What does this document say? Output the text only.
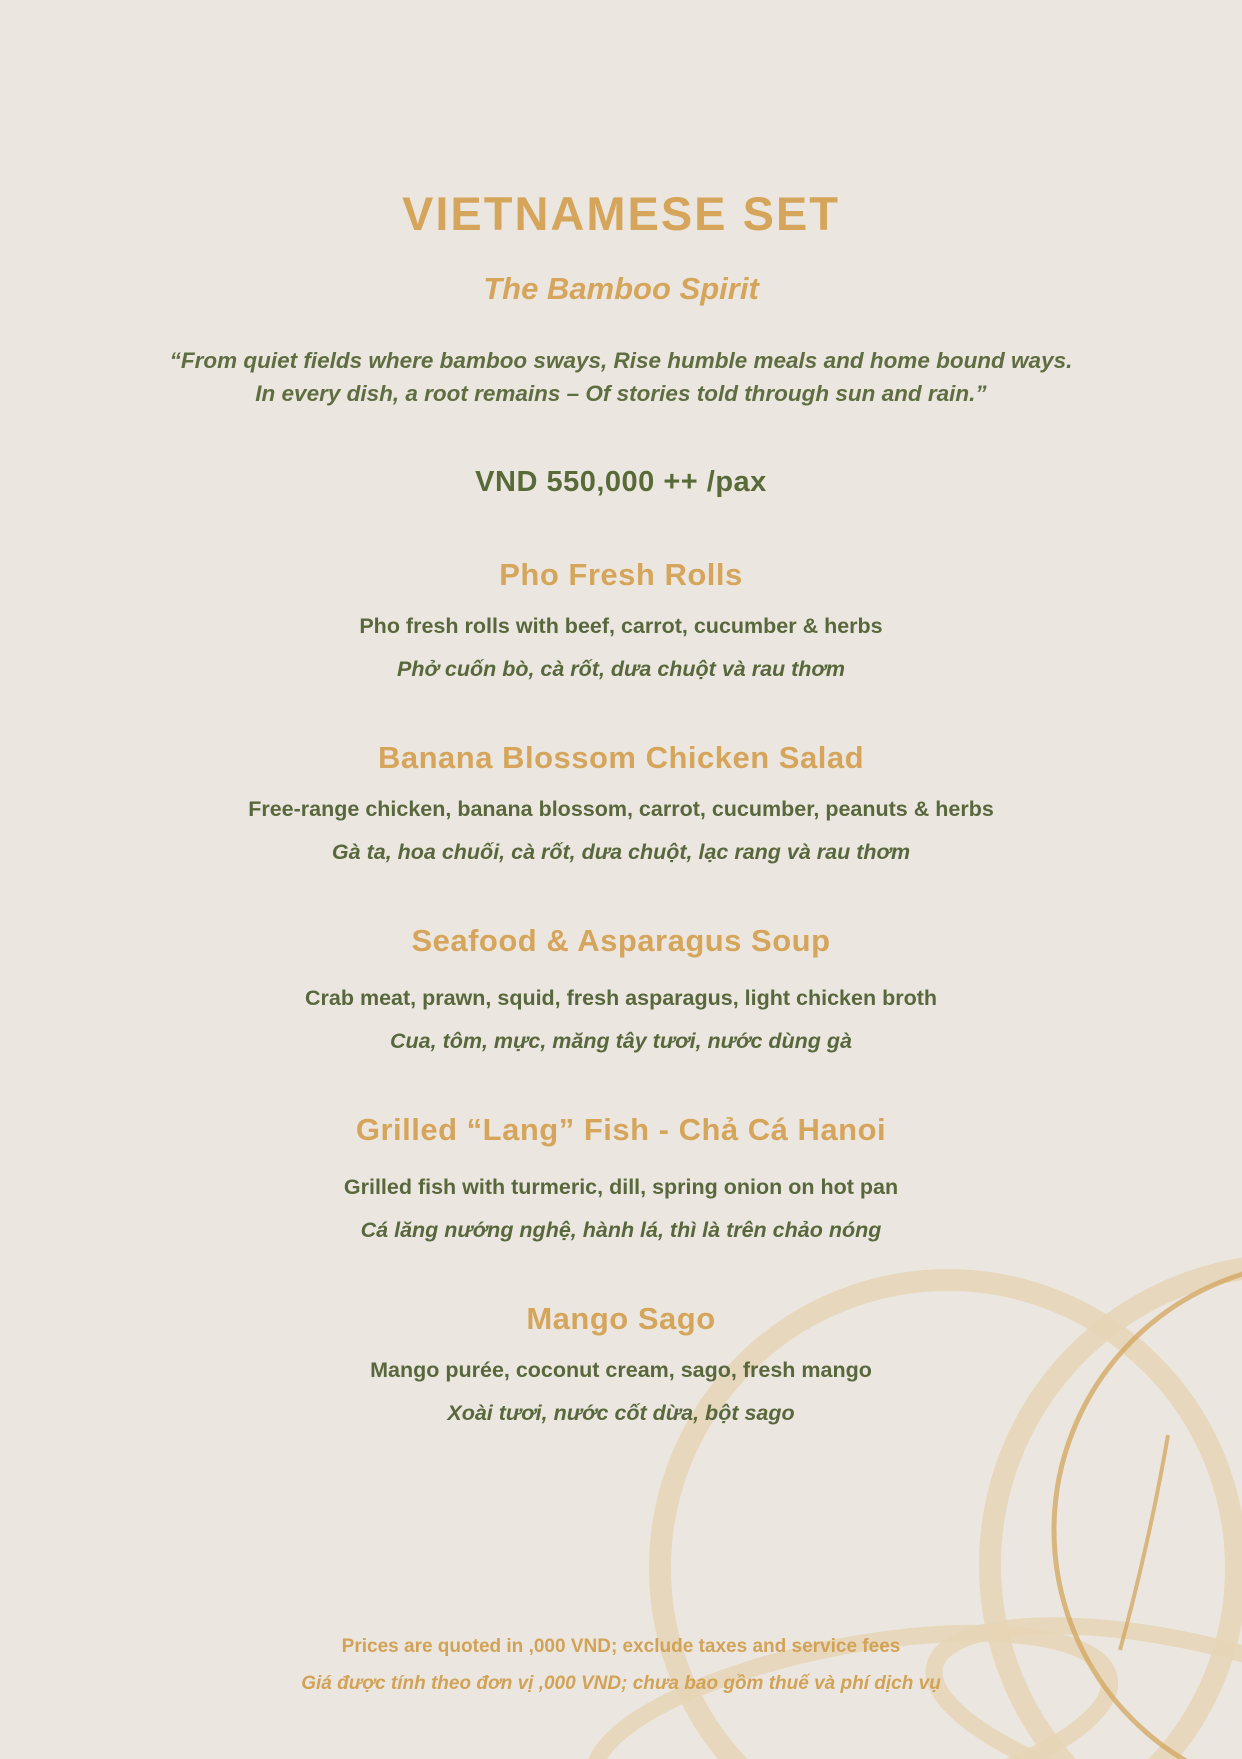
VIETNAMESE SET
The Bamboo Spirit
“From quiet fields where bamboo sways, Rise humble meals and home bound ways.
In every dish, a root remains – Of stories told through sun and rain.”
VND 550,000 ++ /pax
Pho Fresh Rolls

Pho fresh rolls with beef, carrot, cucumber & herbs

Phở cuốn bò, cà rốt, dưa chuột và rau thơm

Banana Blossom Chicken Salad

Free-range chicken, banana blossom, carrot, cucumber, peanuts & herbs

Gà ta, hoa chuối, cà rốt, dưa chuột, lạc rang và rau thơm

Seafood & Asparagus Soup

Crab meat, prawn, squid, fresh asparagus, light chicken broth

Cua, tôm, mực, măng tây tươi, nước dùng gà

Grilled “Lang” Fish - Chả Cá Hanoi

Grilled fish with turmeric, dill, spring onion on hot pan

Cá lăng nướng nghệ, hành lá, thì là trên chảo nóng

Mango Sago

Mango purée, coconut cream, sago, fresh mango

Xoài tươi, nước cốt dừa, bột sago

Prices are quoted in ,000 VND; exclude taxes and service fees

Giá được tính theo đơn vị ,000 VND; chưa bao gồm thuế và phí dịch vụ
